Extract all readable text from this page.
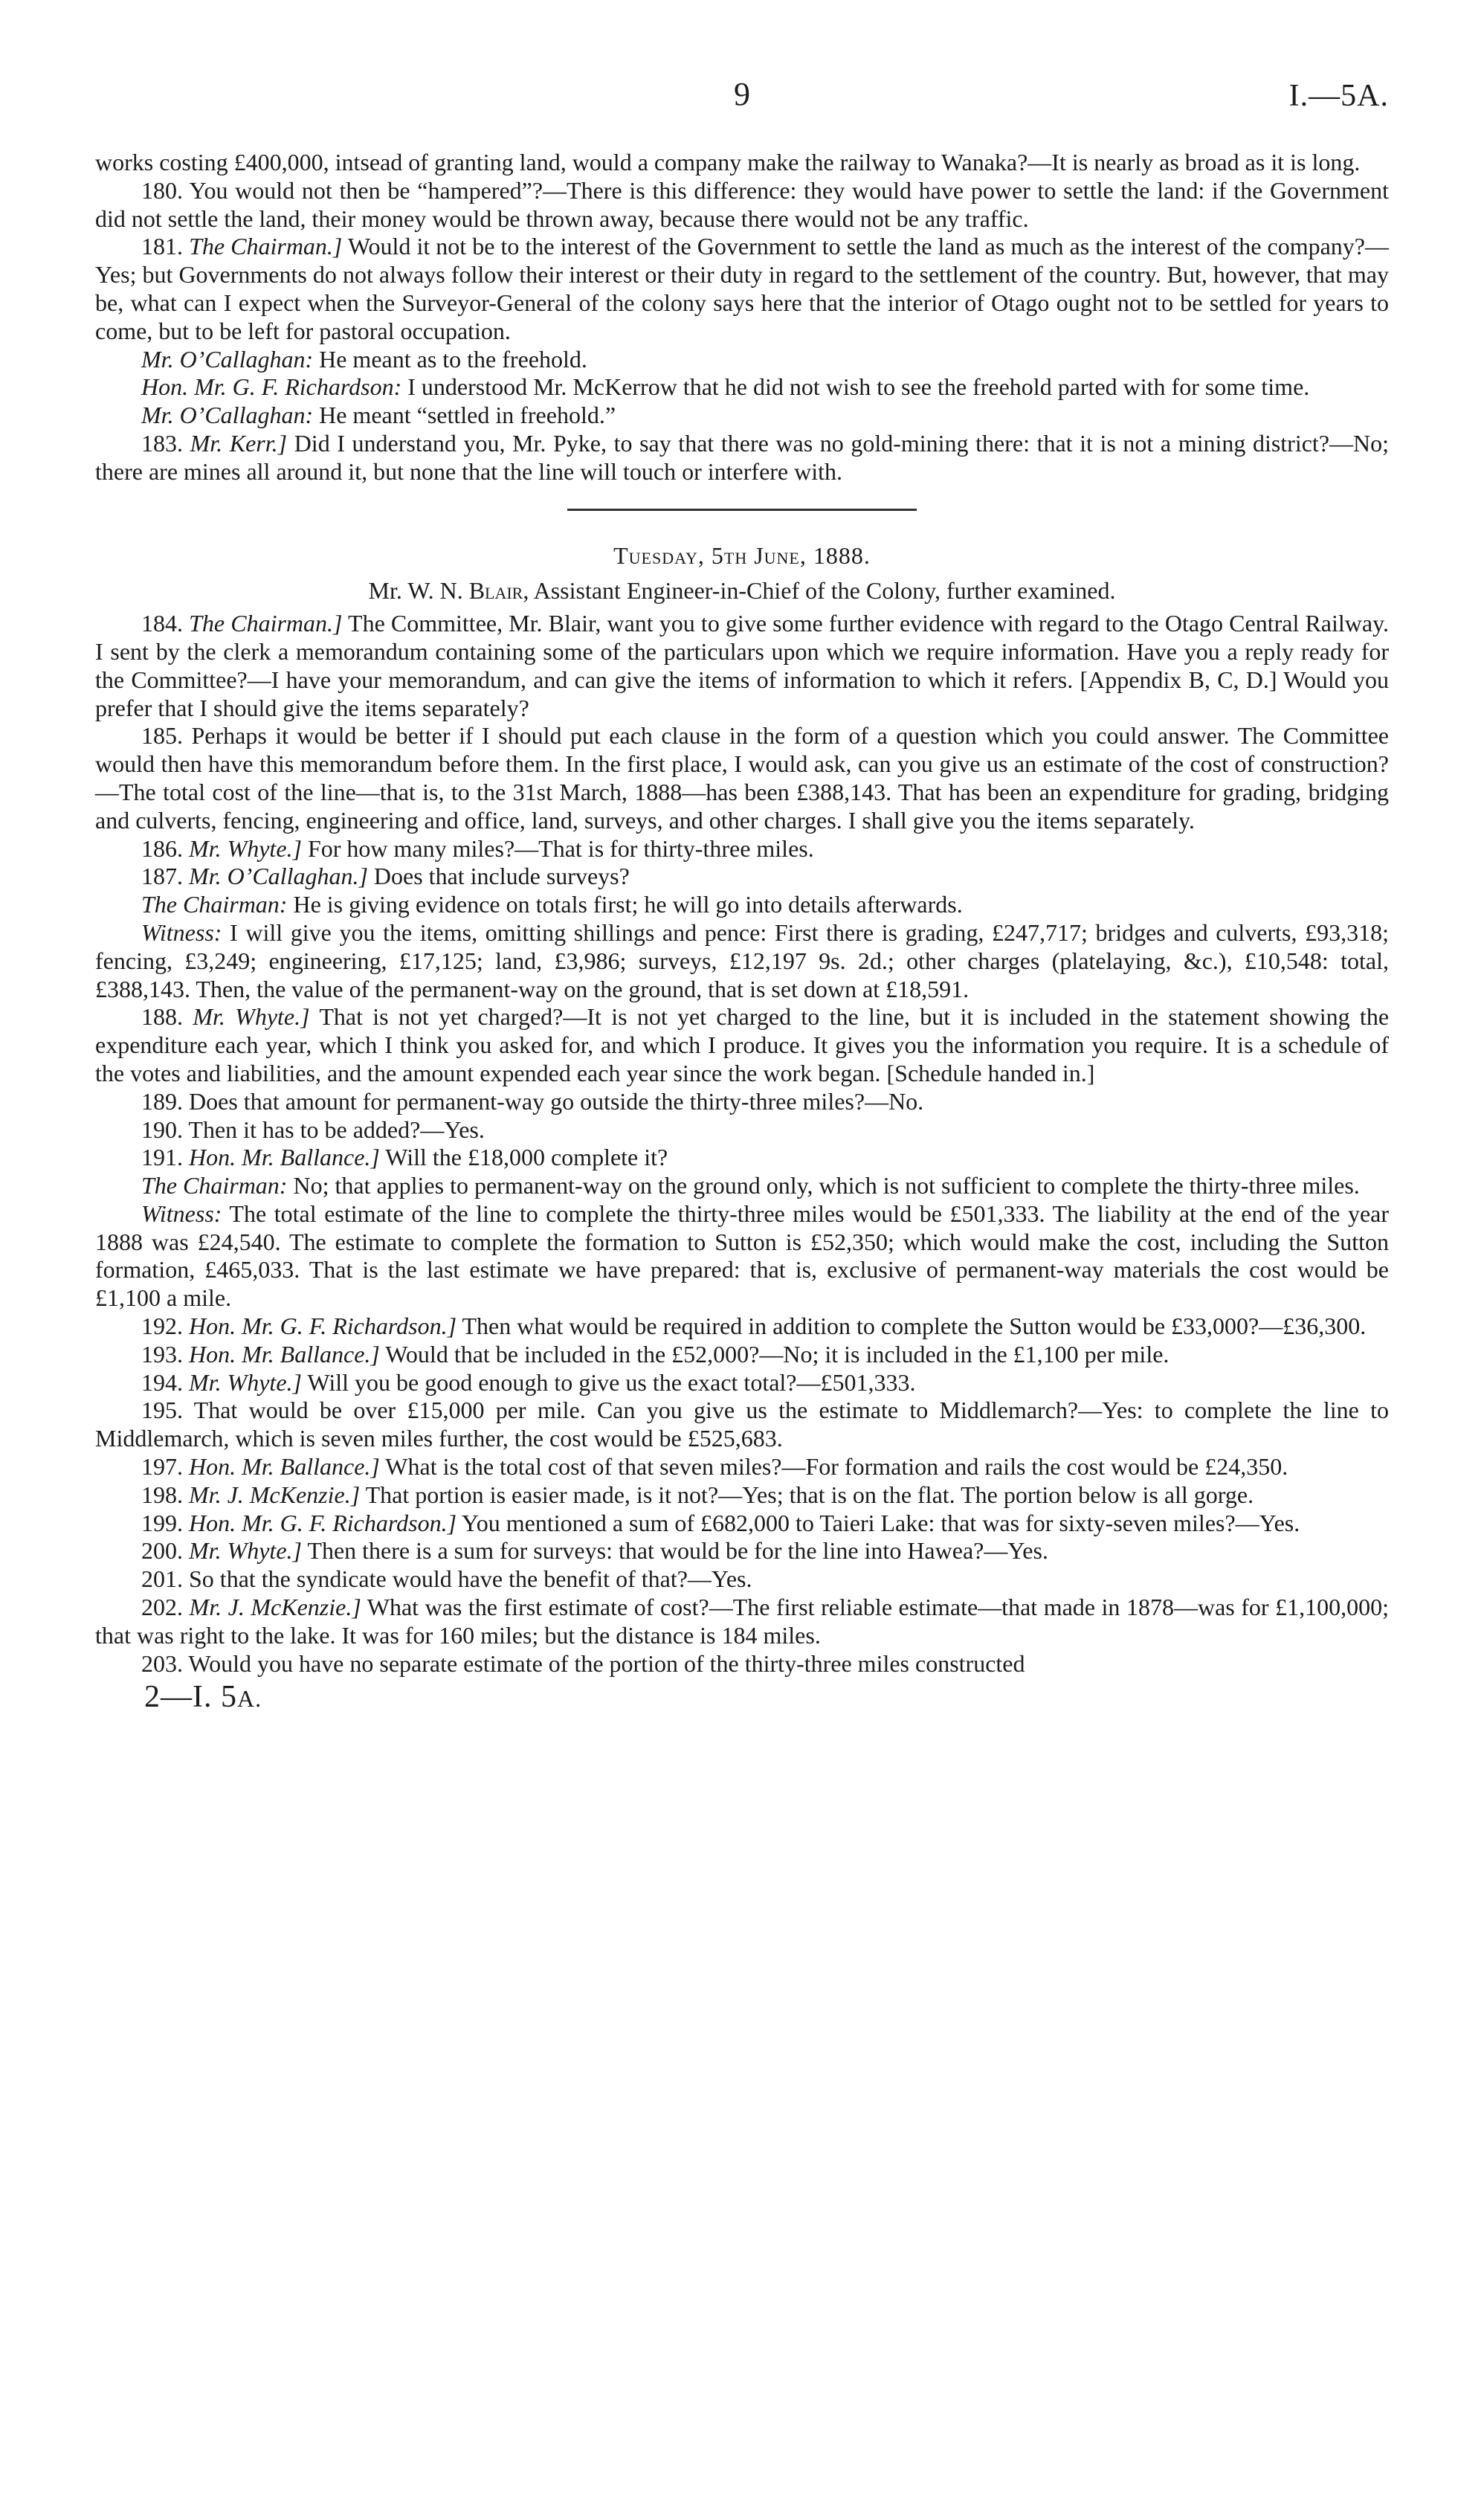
9	I.—5A.

works costing £400,000, intsead of granting land, would a company make the railway to Wanaka?—It is nearly as broad as it is long.

180. You would not then be “hampered”?—There is this difference: they would have power to settle the land: if the Government did not settle the land, their money would be thrown away, because there would not be any traffic.

181. The Chairman.] Would it not be to the interest of the Government to settle the land as much as the interest of the company?—Yes; but Governments do not always follow their interest or their duty in regard to the settlement of the country. But, however, that may be, what can I expect when the Surveyor-General of the colony says here that the interior of Otago ought not to be settled for years to come, but to be left for pastoral occupation.

Mr. O’Callaghan: He meant as to the freehold.

Hon. Mr. G. F. Richardson: I understood Mr. McKerrow that he did not wish to see the freehold parted with for some time.

Mr. O’Callaghan: He meant “settled in freehold.”

183. Mr. Kerr.] Did I understand you, Mr. Pyke, to say that there was no gold-mining there: that it is not a mining district?—No; there are mines all around it, but none that the line will touch or interfere with.

Tuesday, 5th June, 1888.

Mr. W. N. Blair, Assistant Engineer-in-Chief of the Colony, further examined.

184. The Chairman.] The Committee, Mr. Blair, want you to give some further evidence with regard to the Otago Central Railway. I sent by the clerk a memorandum containing some of the particulars upon which we require information. Have you a reply ready for the Committee?—I have your memorandum, and can give the items of information to which it refers. [Appendix B, C, D.] Would you prefer that I should give the items separately?

185. Perhaps it would be better if I should put each clause in the form of a question which you could answer. The Committee would then have this memorandum before them. In the first place, I would ask, can you give us an estimate of the cost of construction?—The total cost of the line—that is, to the 31st March, 1888—has been £388,143. That has been an expenditure for grading, bridging and culverts, fencing, engineering and office, land, surveys, and other charges. I shall give you the items separately.

186. Mr. Whyte.] For how many miles?—That is for thirty-three miles.

187. Mr. O’Callaghan.] Does that include surveys?

The Chairman: He is giving evidence on totals first; he will go into details afterwards.

Witness: I will give you the items, omitting shillings and pence: First there is grading, £247,717; bridges and culverts, £93,318; fencing, £3,249; engineering, £17,125; land, £3,986; surveys, £12,197 9s. 2d.; other charges (platelaying, &c.), £10,548: total, £388,143. Then, the value of the permanent-way on the ground, that is set down at £18,591.

188. Mr. Whyte.] That is not yet charged?—It is not yet charged to the line, but it is included in the statement showing the expenditure each year, which I think you asked for, and which I produce. It gives you the information you require. It is a schedule of the votes and liabilities, and the amount expended each year since the work began. [Schedule handed in.]

189. Does that amount for permanent-way go outside the thirty-three miles?—No.

190. Then it has to be added?—Yes.

191. Hon. Mr. Ballance.] Will the £18,000 complete it?

The Chairman: No; that applies to permanent-way on the ground only, which is not sufficient to complete the thirty-three miles.

Witness: The total estimate of the line to complete the thirty-three miles would be £501,333. The liability at the end of the year 1888 was £24,540. The estimate to complete the formation to Sutton is £52,350; which would make the cost, including the Sutton formation, £465,033. That is the last estimate we have prepared: that is, exclusive of permanent-way materials the cost would be £1,100 a mile.

192. Hon. Mr. G. F. Richardson.] Then what would be required in addition to complete the Sutton would be £33,000?—£36,300.

193. Hon. Mr. Ballance.] Would that be included in the £52,000?—No; it is included in the £1,100 per mile.

194. Mr. Whyte.] Will you be good enough to give us the exact total?—£501,333.

195. That would be over £15,000 per mile. Can you give us the estimate to Middlemarch?—Yes: to complete the line to Middlemarch, which is seven miles further, the cost would be £525,683.

197. Hon. Mr. Ballance.] What is the total cost of that seven miles?—For formation and rails the cost would be £24,350.

198. Mr. J. McKenzie.] That portion is easier made, is it not?—Yes; that is on the flat. The portion below is all gorge.

199. Hon. Mr. G. F. Richardson.] You mentioned a sum of £682,000 to Taieri Lake: that was for sixty-seven miles?—Yes.

200. Mr. Whyte.] Then there is a sum for surveys: that would be for the line into Hawea?—Yes.

201. So that the syndicate would have the benefit of that?—Yes.

202. Mr. J. McKenzie.] What was the first estimate of cost?—The first reliable estimate—that made in 1878—was for £1,100,000; that was right to the lake. It was for 160 miles; but the distance is 184 miles.

203. Would you have no separate estimate of the portion of the thirty-three miles constructed

2—I. 5A.
